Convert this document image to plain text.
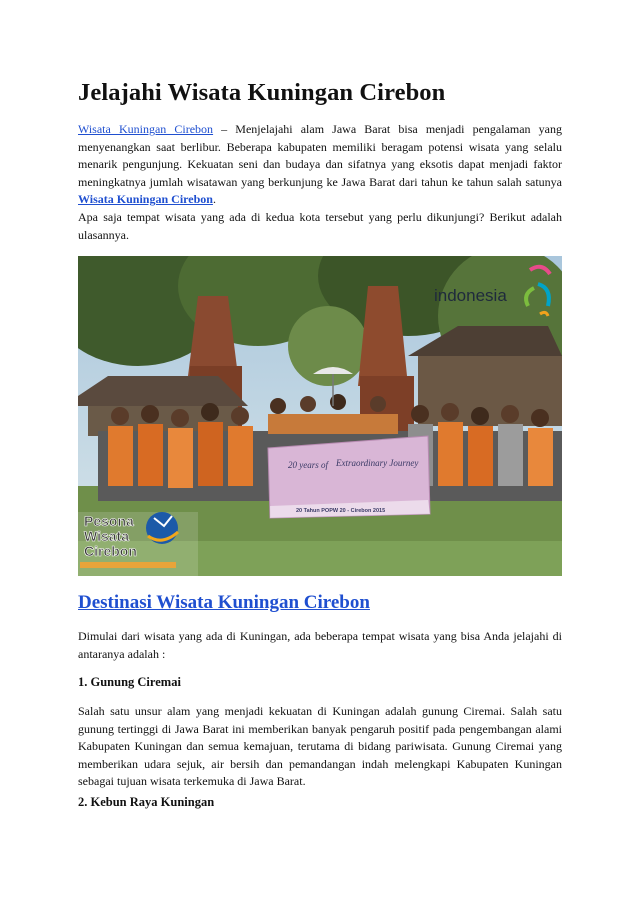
Jelajahi Wisata Kuningan Cirebon

Wisata Kuningan Cirebon – Menjelajahi alam Jawa Barat bisa menjadi pengalaman yang menyenangkan saat berlibur. Beberapa kabupaten memiliki beragam potensi wisata yang selalu menarik pengunjung. Kekuatan seni dan budaya dan sifatnya yang eksotis dapat menjadi faktor meningkatnya jumlah wisatawan yang berkunjung ke Jawa Barat dari tahun ke tahun salah satunya Wisata Kuningan Cirebon.

Apa saja tempat wisata yang ada di kedua kota tersebut yang perlu dikunjungi? Berikut adalah ulasannya.

20 years of Extraordinary Journey
20 Tahun POPW 20 - Cirebon 2015
indonesia
Pesona
Wisata
Cirebon
Destinasi Wisata Kuningan Cirebon

Dimulai dari wisata yang ada di Kuningan, ada beberapa tempat wisata yang bisa Anda jelajahi di antaranya adalah :

1. Gunung Ciremai

Salah satu unsur alam yang menjadi kekuatan di Kuningan adalah gunung Ciremai. Salah satu gunung tertinggi di Jawa Barat ini memberikan banyak pengaruh positif pada pengembangan alami Kabupaten Kuningan dan semua kemajuan, terutama di bidang pariwisata. Gunung Ciremai yang memberikan udara sejuk, air bersih dan pemandangan indah melengkapi Kabupaten Kuningan sebagai tujuan wisata terkemuka di Jawa Barat.

2. Kebun Raya Kuningan
